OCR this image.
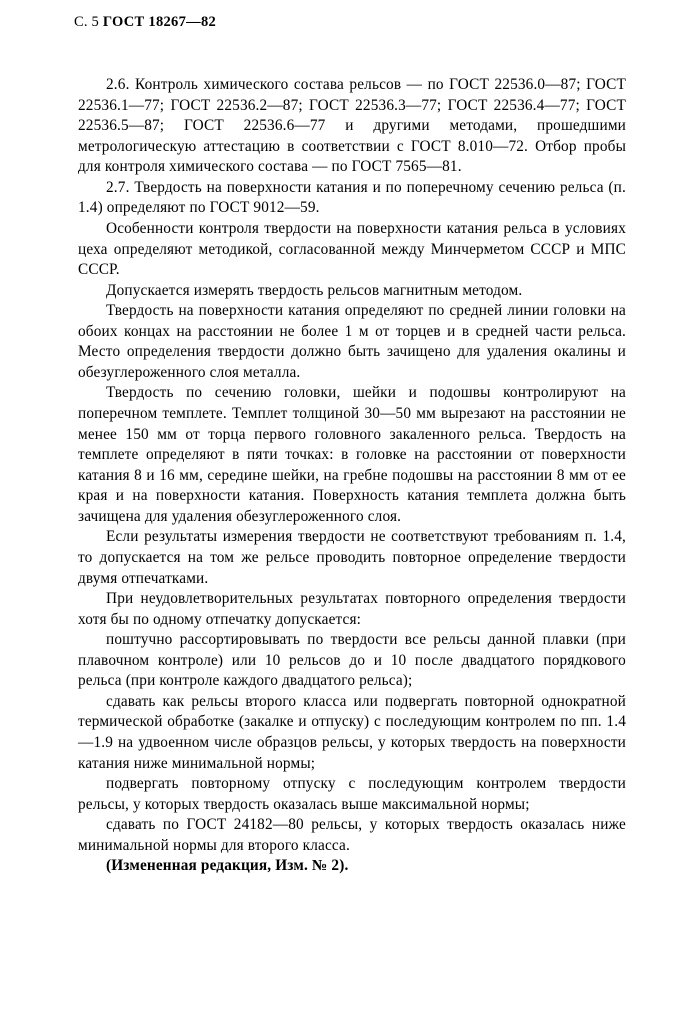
С. 5 ГОСТ 18267—82

2.6. Контроль химического состава рельсов — по ГОСТ 22536.0—87; ГОСТ 22536.1—77; ГОСТ 22536.2—87; ГОСТ 22536.3—77; ГОСТ 22536.4—77; ГОСТ 22536.5—87; ГОСТ 22536.6—77 и другими методами, прошедшими метрологическую аттестацию в соответствии с ГОСТ 8.010—72. Отбор пробы для контроля химического состава — по ГОСТ 7565—81.

2.7. Твердость на поверхности катания и по поперечному сечению рельса (п. 1.4) определяют по ГОСТ 9012—59.

Особенности контроля твердости на поверхности катания рельса в условиях цеха определяют методикой, согласованной между Минчерметом СССР и МПС СССР.

Допускается измерять твердость рельсов магнитным методом.

Твердость на поверхности катания определяют по средней линии головки на обоих концах на расстоянии не более 1 м от торцев и в средней части рельса. Место определения твердости должно быть зачищено для удаления окалины и обезуглероженного слоя металла.

Твердость по сечению головки, шейки и подошвы контролируют на поперечном темплете. Темплет толщиной 30—50 мм вырезают на расстоянии не менее 150 мм от торца первого головного закаленного рельса. Твердость на темплете определяют в пяти точках: в головке на расстоянии от поверхности катания 8 и 16 мм, середине шейки, на гребне подошвы на расстоянии 8 мм от ее края и на поверхности катания. Поверхность катания темплета должна быть зачищена для удаления обезуглероженного слоя.

Если результаты измерения твердости не соответствуют требованиям п. 1.4, то допускается на том же рельсе проводить повторное определение твердости двумя отпечатками.

При неудовлетворительных результатах повторного определения твердости хотя бы по одному отпечатку допускается:

поштучно рассортировывать по твердости все рельсы данной плавки (при плавочном контроле) или 10 рельсов до и 10 после двадцатого порядкового рельса (при контроле каждого двадцатого рельса);

сдавать как рельсы второго класса или подвергать повторной однократной термической обработке (закалке и отпуску) с последующим контролем по пп. 1.4—1.9 на удвоенном числе образцов рельсы, у которых твердость на поверхности катания ниже минимальной нормы;

подвергать повторному отпуску с последующим контролем твердости рельсы, у которых твердость оказалась выше максимальной нормы;

сдавать по ГОСТ 24182—80 рельсы, у которых твердость оказалась ниже минимальной нормы для второго класса.

(Измененная редакция, Изм. № 2).
